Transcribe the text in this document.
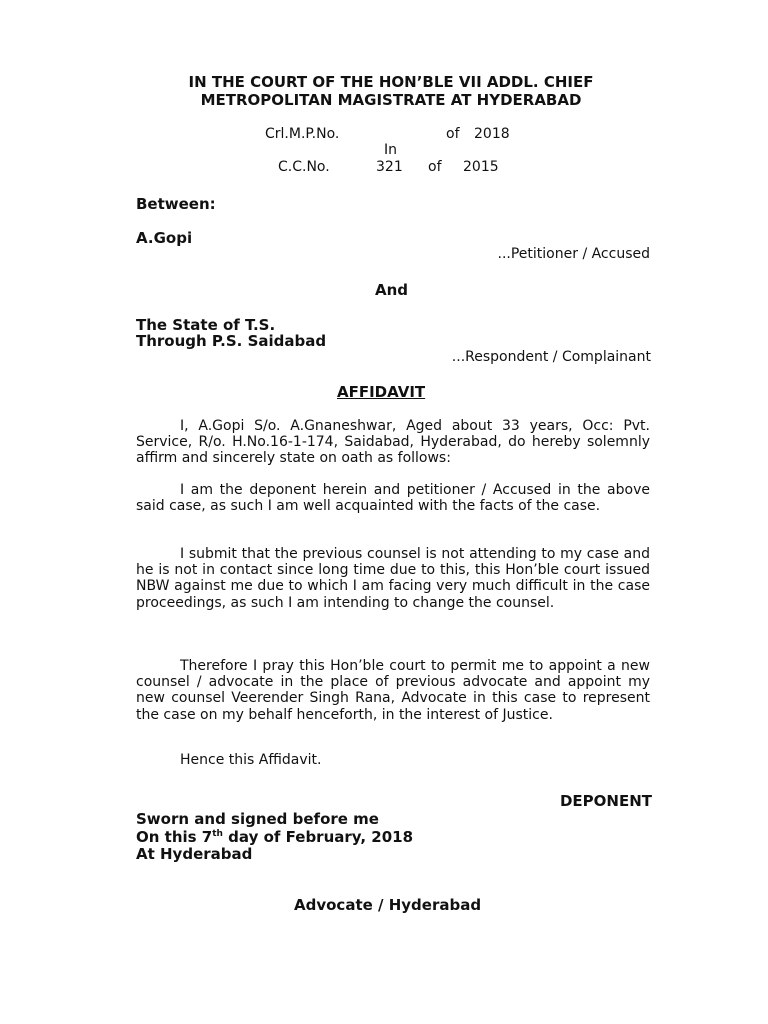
IN THE COURT OF THE HON’BLE VII ADDL. CHIEF
METROPOLITAN MAGISTRATE AT HYDERABAD
Crl.M.P.No.	of 2018
In
C.C.No.	321 of 2015
Between:
A.Gopi
...Petitioner / Accused
And
The State of T.S.
Through P.S. Saidabad
...Respondent / Complainant
AFFIDAVIT
I, A.Gopi S/o. A.Gnaneshwar, Aged about 33 years, Occ: Pvt. Service, R/o. H.No.16-1-174, Saidabad, Hyderabad, do hereby solemnly affirm and sincerely state on oath as follows:
I am the deponent herein and petitioner / Accused in the above said case, as such I am well acquainted with the facts of the case.
I submit that the previous counsel is not attending to my case and he is not in contact since long time due to this, this Hon’ble court issued NBW against me due to which I am facing very much difficult in the case proceedings, as such I am intending to change the counsel.
Therefore I pray this Hon’ble court to permit me to appoint a new counsel / advocate in the place of previous advocate and appoint my new counsel Veerender Singh Rana, Advocate in this case to represent the case on my behalf henceforth, in the interest of Justice.
Hence this Affidavit.
DEPONENT
Sworn and signed before me
On this 7th day of February, 2018
At Hyderabad
Advocate / Hyderabad
